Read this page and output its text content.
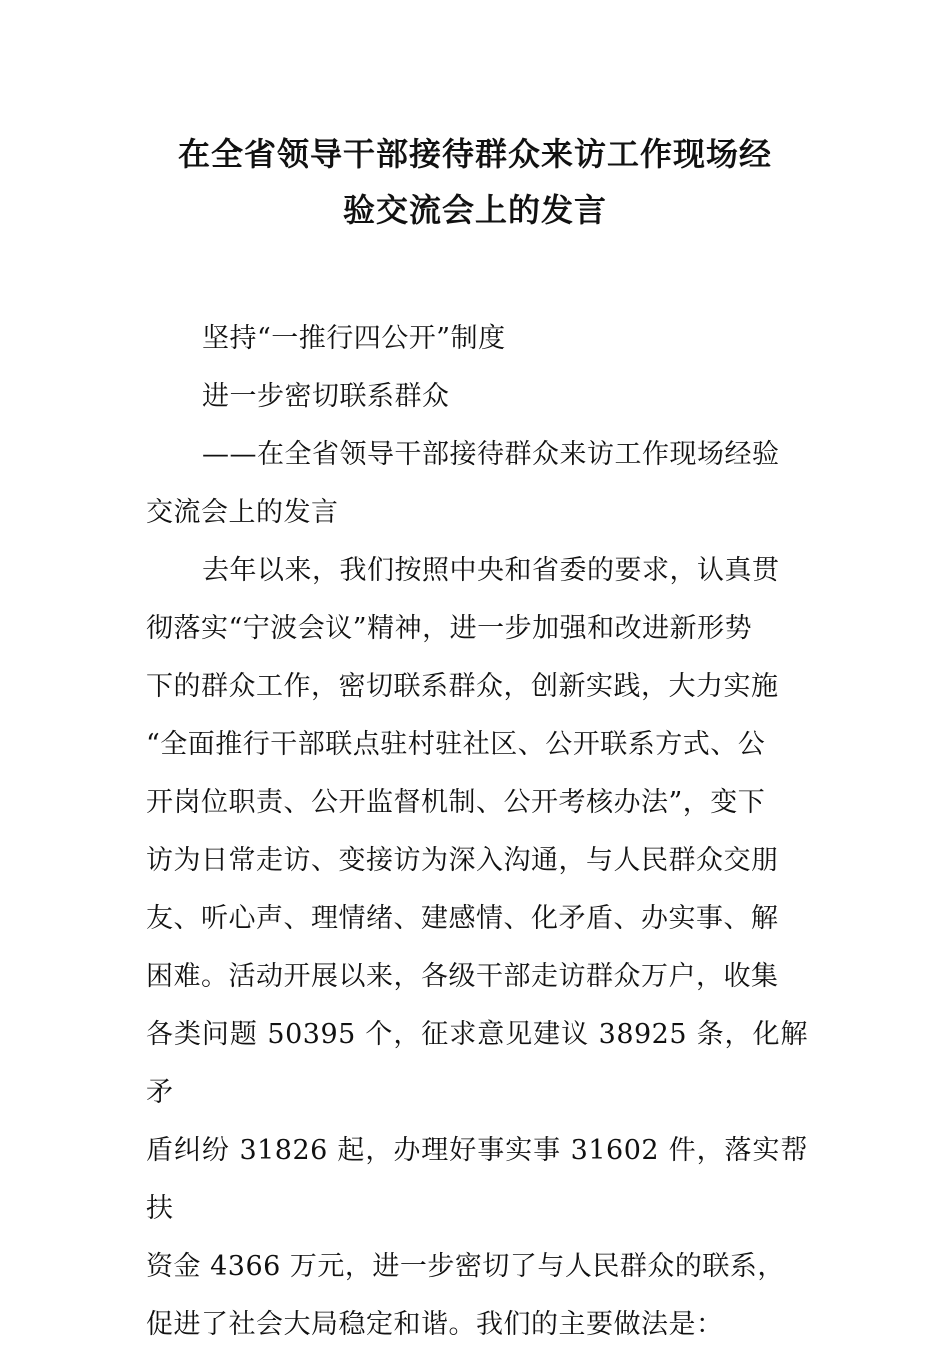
在全省领导干部接待群众来访工作现场经
验交流会上的发言
坚持“一推行四公开”制度
进一步密切联系群众
——在全省领导干部接待群众来访工作现场经验
交流会上的发言
去年以来，我们按照中央和省委的要求，认真贯
彻落实“宁波会议”精神，进一步加强和改进新形势
下的群众工作，密切联系群众，创新实践，大力实施
“全面推行干部联点驻村驻社区、公开联系方式、公
开岗位职责、公开监督机制、公开考核办法”，变下
访为日常走访、变接访为深入沟通，与人民群众交朋
友、听心声、理情绪、建感情、化矛盾、办实事、解
困难。活动开展以来，各级干部走访群众万户，收集
各类问题 50395 个，征求意见建议 38925 条，化解矛
盾纠纷 31826 起，办理好事实事 31602 件，落实帮扶
资金 4366 万元，进一步密切了与人民群众的联系，
促进了社会大局稳定和谐。我们的主要做法是：
